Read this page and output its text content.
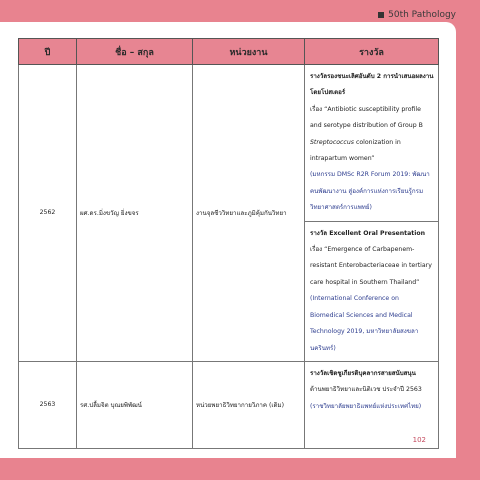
50th Pathology
ปี	ชื่อ – สกุล	หน่วยงาน	รางวัล
2562	ผศ.ดร.มิ่งขวัญ ยิ่งขจร	งานจุลชีววิทยาและภูมิคุ้มกันวิทยา	รางวัลรองชนะเลิศอันดับ 2 การนำเสนอผลงานโดยโปสเตอร์
เรื่อง “Antibiotic susceptibility profile and serotype distribution of Group B Streptococcus colonization in intrapartum women”
(มหกรรม DMSc R2R Forum 2019: พัฒนาคนพัฒนางาน สู่องค์การแห่งการเรียนรู้กรมวิทยาศาสตร์การแพทย์)
			รางวัล Excellent Oral Presentation เรื่อง “Emergence of Carbapenem-resistant Enterobacteriaceae in tertiary care hospital in Southern Thailand”
(International Conference on Biomedical Sciences and Medical Technology 2019, มหาวิทยาลัยสงขลานครินทร์)
2563	รศ.ปลื้มจิต บุณยพิพัฒน์	หน่วยพยาธิวิทยากายวิภาค (เดิม)	รางวัลเชิดชูเกียรติบุคลากรสายสนับสนุน
ด้านพยาธิวิทยาและนิติเวช ประจำปี 2563
(ราชวิทยาลัยพยาธิแพทย์แห่งประเทศไทย)
102
